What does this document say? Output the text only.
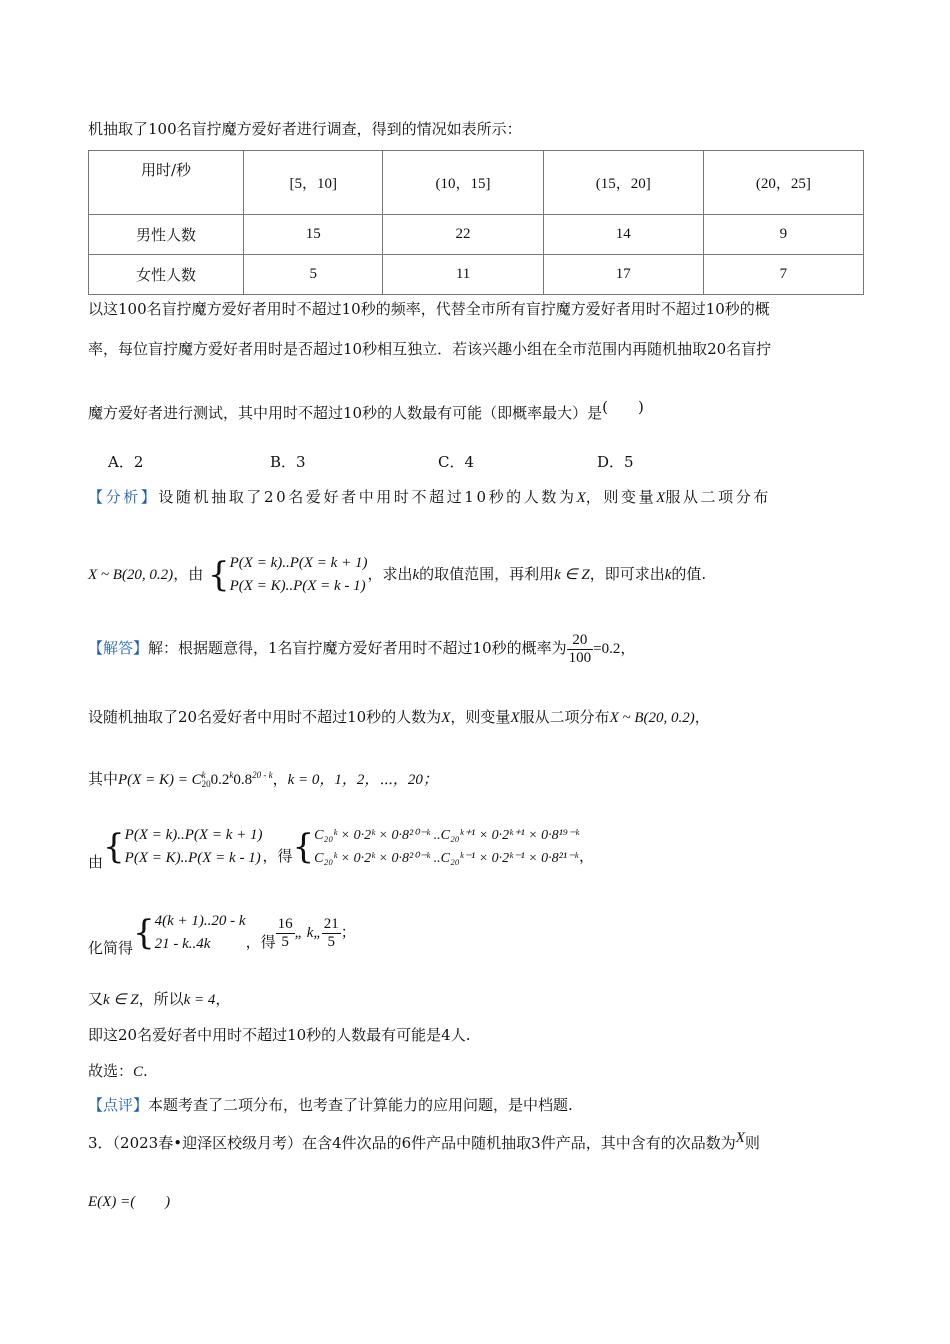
机抽取了100名盲拧魔方爱好者进行调查，得到的情况如表所示：
用时/秒	[5，10]	(10，15]	(15，20]	(20，25]
男性人数	15	22	14	9
女性人数	5	11	17	7
以这100名盲拧魔方爱好者用时不超过10秒的频率，代替全市所有盲拧魔方爱好者用时不超过10秒的概
率，每位盲拧魔方爱好者用时是否超过10秒相互独立．若该兴趣小组在全市范围内再随机抽取20名盲拧
魔方爱好者进行测试，其中用时不超过10秒的人数最有可能（即概率最大）是(　　)
A．2	B．3	C．4	D．5
【分析】设随机抽取了20名爱好者中用时不超过10秒的人数为X，则变量X服从二项分布
X ~ B(20, 0.2)，由 { P(X = k)..P(X = k + 1)
P(X = K)..P(X = k - 1)
，求出k的取值范围，再利用k ∈ Z，即可求出k的值.
【解答】解：根据题意得，1名盲拧魔方爱好者用时不超过10秒的概率为 $\frac{20}{100} =0.2$，
设随机抽取了20名爱好者中用时不超过10秒的人数为X，则变量X服从二项分布X ~ B(20, 0.2)，
其中P(X = K) = C k
20 0.2$^k$0.8$^{20 - k}$，k = 0，1，2，⋯，20；
由{ P(X = k)..P(X = k + 1)
P(X = K)..P(X = k - 1) ，得{ C₂₀ᵏ × 0·2ᵏ × 0·8²⁰⁻ᵏ ..C₂₀ᵏ⁺¹ × 0·2ᵏ⁺¹ × 0·8¹⁹⁻ᵏ
C₂₀ᵏ × 0·2ᵏ × 0·8²⁰⁻ᵏ ..C₂₀ᵏ⁻¹ × 0·2ᵏ⁻¹ × 0·8²¹⁻ᵏ ，
化简得{ 4(k + 1)..20 - k
21 - k..4k	，得 $\frac{16}{5}$ „ k„ $\frac{21}{5}$ ；
又k ∈ Z，所以k = 4，
即这20名爱好者中用时不超过10秒的人数最有可能是4人.
故选：C.
【点评】本题考查了二项分布，也考查了计算能力的应用问题，是中档题.
3．（2023春•迎泽区校级月考）在含4件次品的6件产品中随机抽取3件产品，其中含有的次品数为X则
E(X) =(　　)
